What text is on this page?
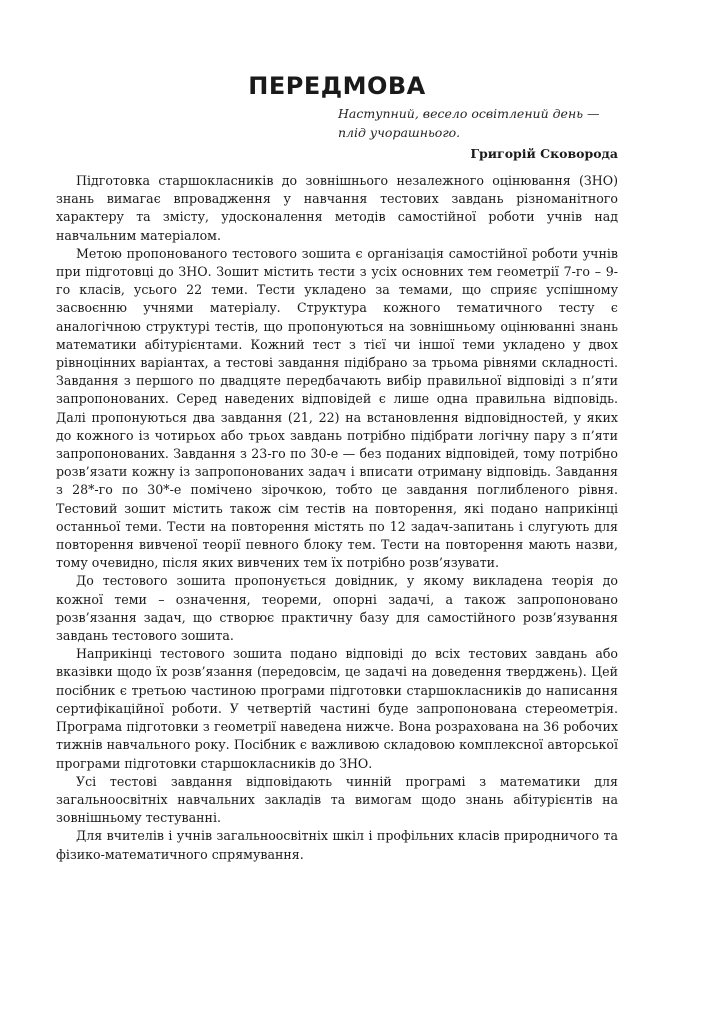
ПЕРЕДМОВА
Наступний, весело освітлений день —
плід учорашнього.
Григорій Сковорода

Підготовка старшокласників до зовнішнього незалежного оцінювання (ЗНО) знань вимагає впровадження у навчання тестових завдань різноманітного характеру та змісту, удосконалення методів самостійної роботи учнів над навчальним матеріалом.

Метою пропонованого тестового зошита є організація самостійної роботи учнів при підготовці до ЗНО. Зошит містить тести з усіх основних тем геометрії 7-го – 9-го класів, усього 22 теми. Тести укладено за темами, що сприяє успішному засвоєнню учнями матеріалу. Структура кожного тематичного тесту є аналогічною структурі тестів, що пропонуються на зовнішньому оцінюванні знань математики абітурієнтами. Кожний тест з тієї чи іншої теми укладено у двох рівноцінних варіантах, а тестові завдання підібрано за трьома рівнями складності. Завдання з першого по двадцяте передбачають вибір правильної відповіді з п’яти запропонованих. Серед наведених відповідей є лише одна правильна відповідь. Далі пропонуються два завдання (21, 22) на встановлення відповідностей, у яких до кожного із чотирьох або трьох завдань потрібно підібрати логічну пару з п’яти запропонованих. Завдання з 23-го по 30-е — без поданих відповідей, тому потрібно розв’язати кожну із запропонованих задач і вписати отриману відповідь. Завдання з 28*-го по 30*-е помічено зірочкою, тобто це завдання поглибленого рівня. Тестовий зошит містить також сім тестів на повторення, які подано наприкінці останньої теми. Тести на повторення містять по 12 задач-запитань і слугують для повторення вивченої теорії певного блоку тем. Тести на повторення мають назви, тому очевидно, після яких вивчених тем їх потрібно розв’язувати.

До тестового зошита пропонується довідник, у якому викладена теорія до кожної теми – означення, теореми, опорні задачі, а також запропоновано розв’язання задач, що створює практичну базу для самостійного розв’язування завдань тестового зошита.

Наприкінці тестового зошита подано відповіді до всіх тестових завдань або вказівки щодо їх розв’язання (передовсім, це задачі на доведення тверджень). Цей посібник є третьою частиною програми підготовки старшокласників до написання сертифікаційної роботи. У четвертій частині буде запропонована стереометрія. Програма підготовки з геометрії наведена нижче. Вона розрахована на 36 робочих тижнів навчального року. Посібник є важливою складовою комплексної авторської програми підготовки старшокласників до ЗНО.

Усі тестові завдання відповідають чинній програмі з математики для загальноосвітніх навчальних закладів та вимогам щодо знань абітурієнтів на зовнішньому тестуванні.

Для вчителів і учнів загальноосвітніх шкіл і профільних класів природничого та фізико-математичного спрямування.
